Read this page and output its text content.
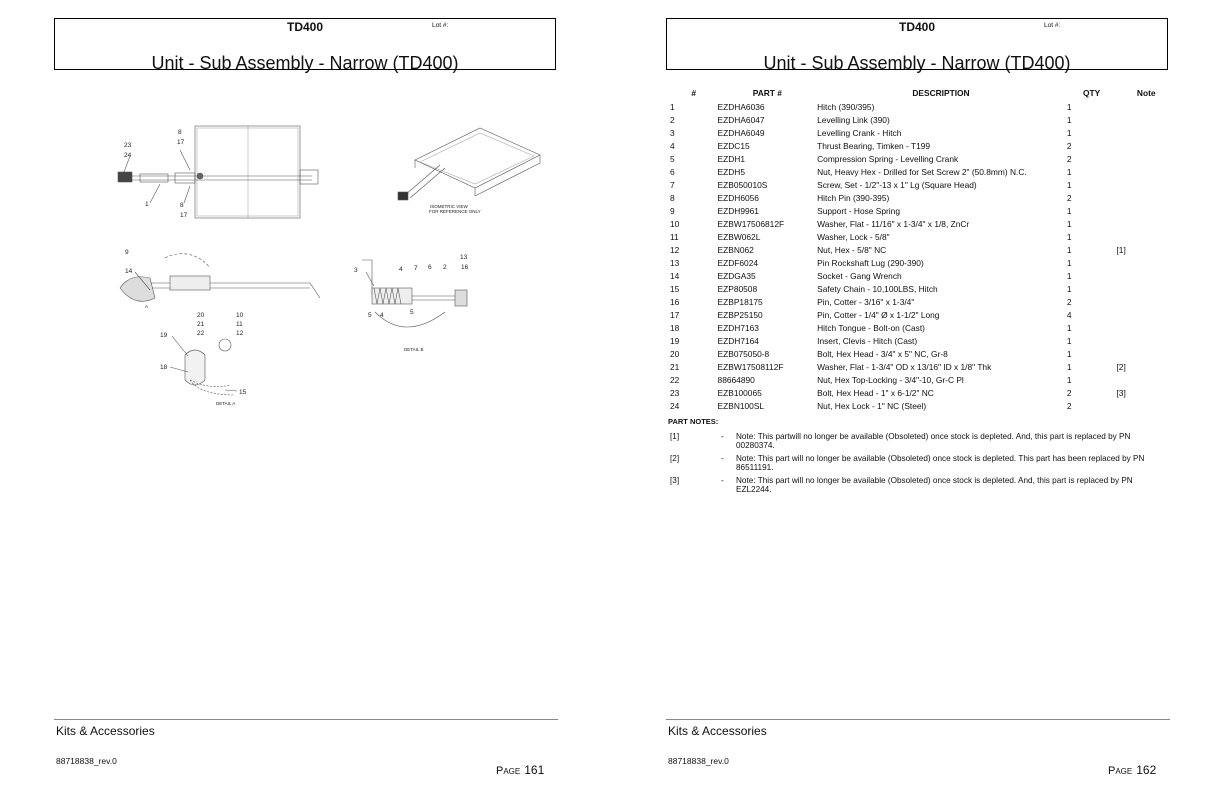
TD400	Lot #:
Unit - Sub Assembly - Narrow (TD400)
23
24
8
17
1	8
17
ISOMETRIC VIEW
FOR REFERENCE ONLY
9
14
A
20
21
22
10
11
12
19
18
15
DETAIL A
13
16
3	4 7 6 2
5
4
5
DETAIL B
Kits & Accessories
88718838_rev.0
Page 161
TD400	Lot #:
Unit - Sub Assembly - Narrow (TD400)
#	PART #	DESCRIPTION	QTY	Note
1	EZDHA6036	Hitch (390/395)	1	
2	EZDHA6047	Levelling Link (390)	1	
3	EZDHA6049	Levelling Crank - Hitch	1	
4	EZDC15	Thrust Bearing, Timken - T199	2	
5	EZDH1	Compression Spring - Levelling Crank	2	
6	EZDH5	Nut, Heavy Hex - Drilled for Set Screw 2" (50.8mm) N.C.	1	
7	EZB050010S	Screw, Set - 1/2"-13 x 1" Lg (Square Head)	1	
8	EZDH6056	Hitch Pin (390-395)	2	
9	EZDH9961	Support - Hose Spring	1	
10	EZBW17506812F	Washer, Flat - 11/16" x 1-3/4" x 1/8, ZnCr	1	
11	EZBW062L	Washer, Lock - 5/8"	1	
12	EZBN062	Nut, Hex - 5/8" NC	1	[1]
13	EZDF6024	Pin Rockshaft Lug (290-390)	1	
14	EZDGA35	Socket - Gang Wrench	1	
15	EZP80508	Safety Chain - 10,100LBS, Hitch	1	
16	EZBP18175	Pin, Cotter - 3/16" x 1-3/4"	2	
17	EZBP25150	Pin, Cotter - 1/4" Ø x 1-1/2" Long	4	
18	EZDH7163	Hitch Tongue - Bolt-on (Cast)	1	
19	EZDH7164	Insert, Clevis - Hitch (Cast)	1	
20	EZB075050-8	Bolt, Hex Head - 3/4" x 5" NC, Gr-8	1	
21	EZBW17508112F	Washer, Flat - 1-3/4" OD x 13/16" ID x 1/8" Thk	1	[2]
22	88664890	Nut, Hex Top-Locking - 3/4"-10, Gr-C Pl	1	
23	EZB100065	Bolt, Hex Head - 1" x 6-1/2" NC	2	[3]
24	EZBN100SL	Nut, Hex Lock - 1" NC (Steel)	2	
PART NOTES:
[1]	- Note: This partwill no longer be available (Obsoleted) once stock is depleted. And, this part is replaced by PN 00280374.
[2]	- Note: This part will no longer be available (Obsoleted) once stock is depleted. This part has been replaced by PN 86511191.
[3]	- Note: This part will no longer be available (Obsoleted) once stock is depleted. And, this part is replaced by PN EZL2244.
Kits & Accessories
88718838_rev.0
Page 162
